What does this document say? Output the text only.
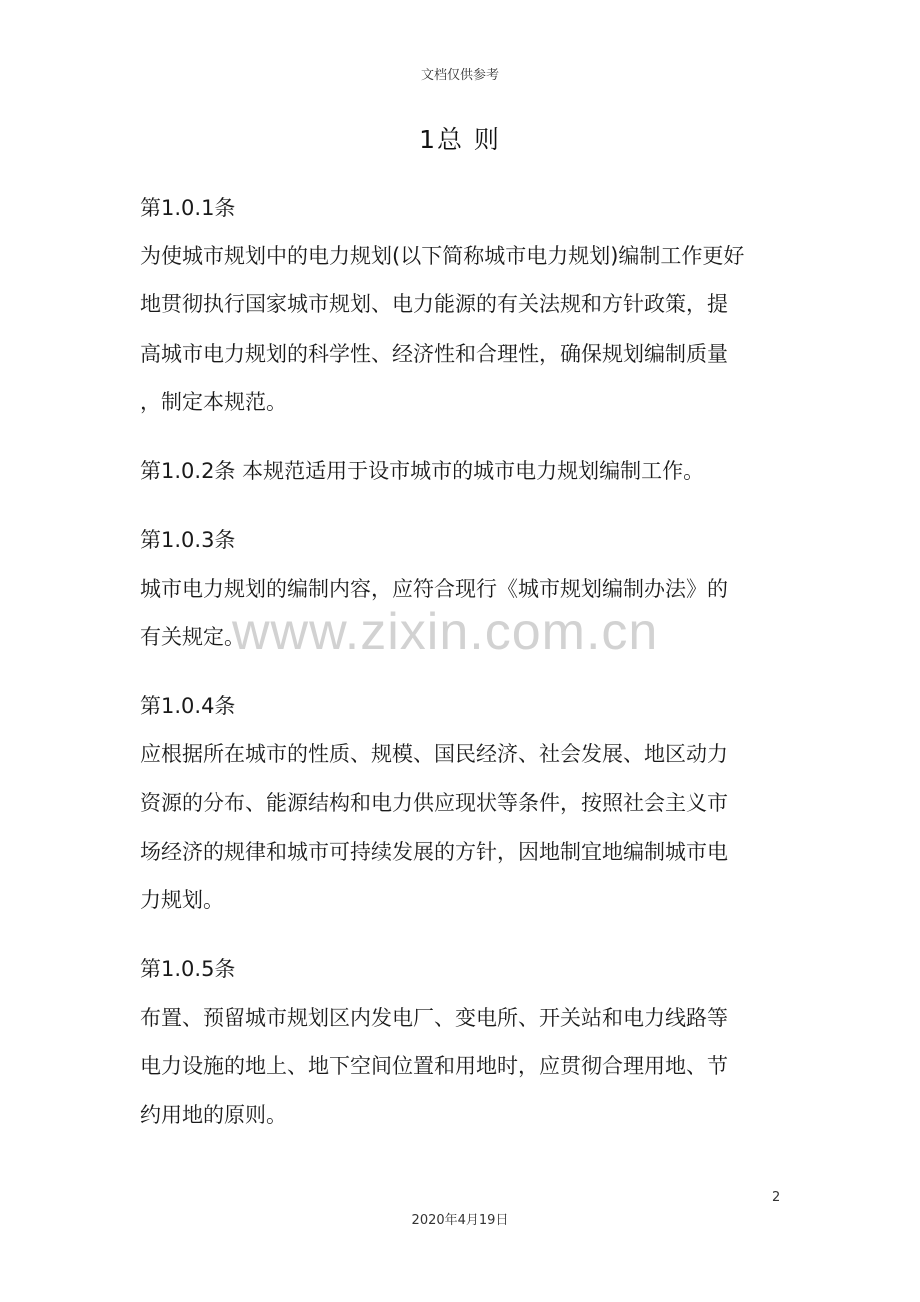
文档仅供参考
1总 则
第1.0.1条
为使城市规划中的电力规划(以下简称城市电力规划)编制工作更好
地贯彻执行国家城市规划、电力能源的有关法规和方针政策，提
高城市电力规划的科学性、经济性和合理性，确保规划编制质量
，制定本规范。
第1.0.2条 本规范适用于设市城市的城市电力规划编制工作。
第1.0.3条
城市电力规划的编制内容，应符合现行《城市规划编制办法》的
有关规定。
第1.0.4条
应根据所在城市的性质、规模、国民经济、社会发展、地区动力
资源的分布、能源结构和电力供应现状等条件，按照社会主义市
场经济的规律和城市可持续发展的方针，因地制宜地编制城市电
力规划。
第1.0.5条
布置、预留城市规划区内发电厂、变电所、开关站和电力线路等
电力设施的地上、地下空间位置和用地时，应贯彻合理用地、节
约用地的原则。
www.zixin.com.cn
2
2020年4月19日
